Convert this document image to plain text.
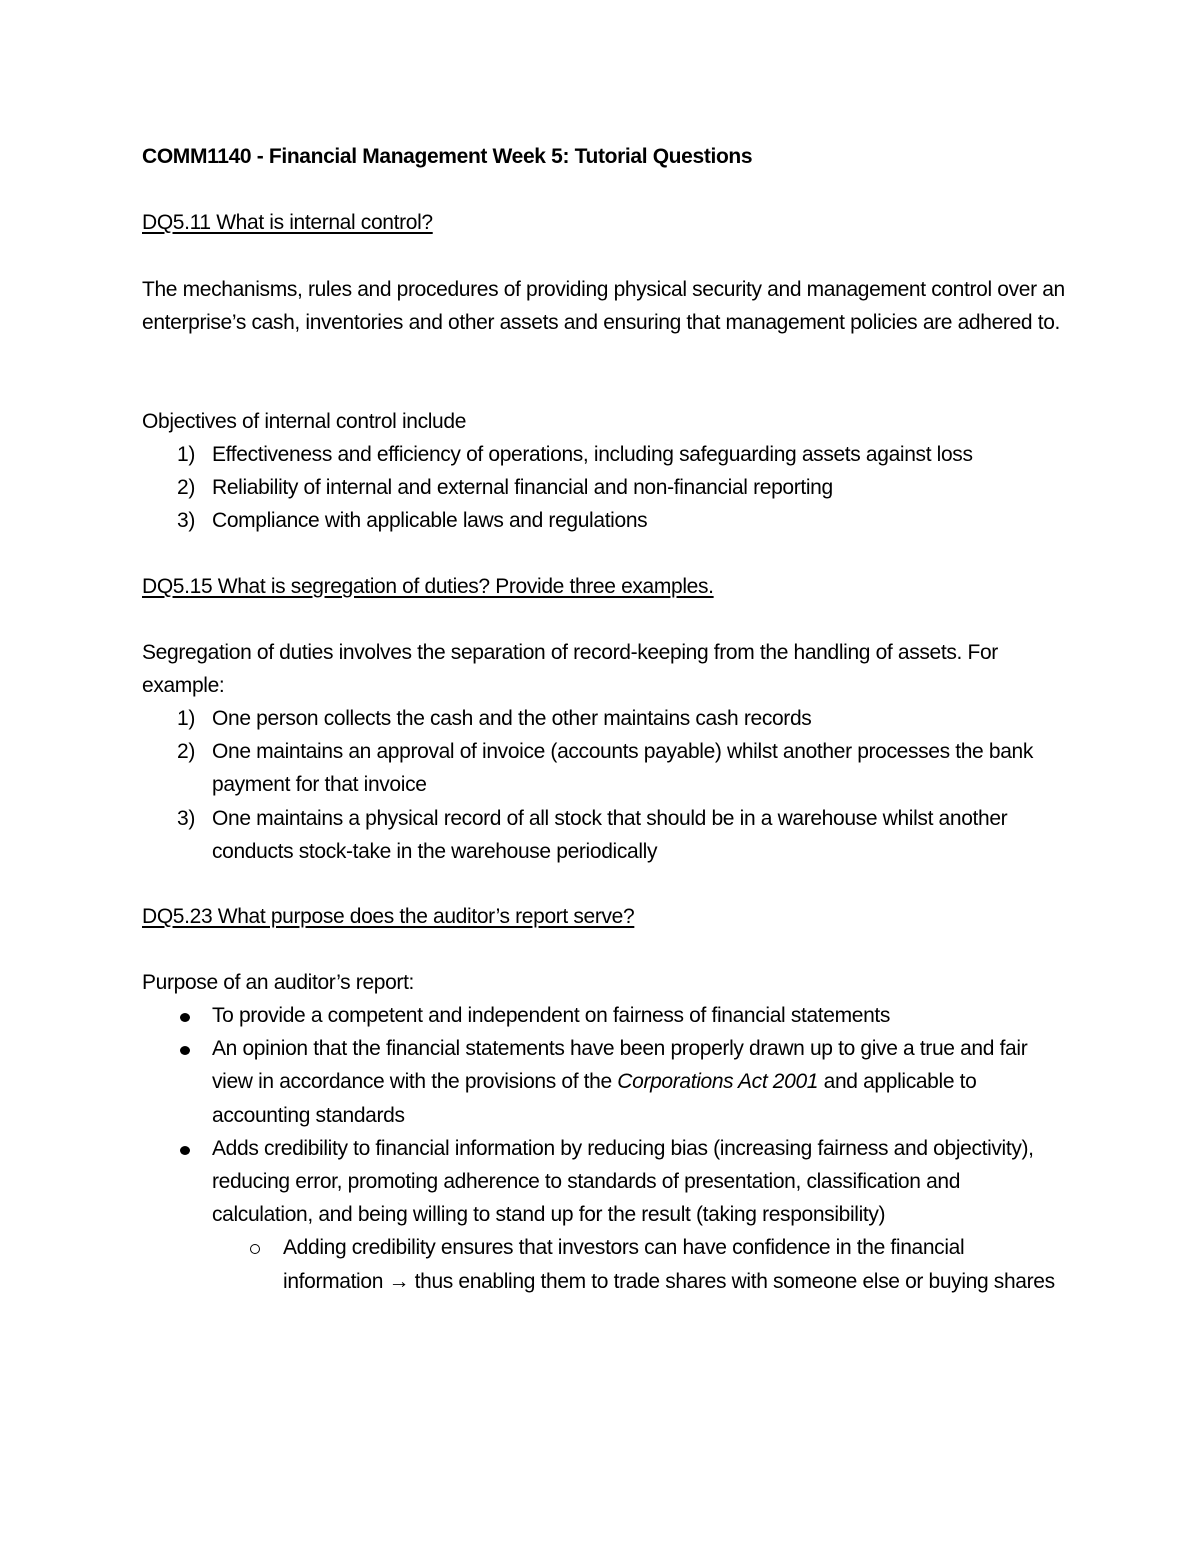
COMM1140 - Financial Management Week 5: Tutorial Questions
DQ5.11 What is internal control?
The mechanisms, rules and procedures of providing physical security and management control over an enterprise’s cash, inventories and other assets and ensuring that management policies are adhered to.
Objectives of internal control include
1) Effectiveness and efficiency of operations, including safeguarding assets against loss
2) Reliability of internal and external financial and non-financial reporting
3) Compliance with applicable laws and regulations
DQ5.15 What is segregation of duties? Provide three examples.
Segregation of duties involves the separation of record-keeping from the handling of assets. For example:
1) One person collects the cash and the other maintains cash records
2) One maintains an approval of invoice (accounts payable) whilst another processes the bank payment for that invoice
3) One maintains a physical record of all stock that should be in a warehouse whilst another conducts stock-take in the warehouse periodically
DQ5.23 What purpose does the auditor’s report serve?
Purpose of an auditor’s report:
To provide a competent and independent on fairness of financial statements
An opinion that the financial statements have been properly drawn up to give a true and fair view in accordance with the provisions of the Corporations Act 2001 and applicable to accounting standards
Adds credibility to financial information by reducing bias (increasing fairness and objectivity), reducing error, promoting adherence to standards of presentation, classification and calculation, and being willing to stand up for the result (taking responsibility)
Adding credibility ensures that investors can have confidence in the financial information → thus enabling them to trade shares with someone else or buying shares
